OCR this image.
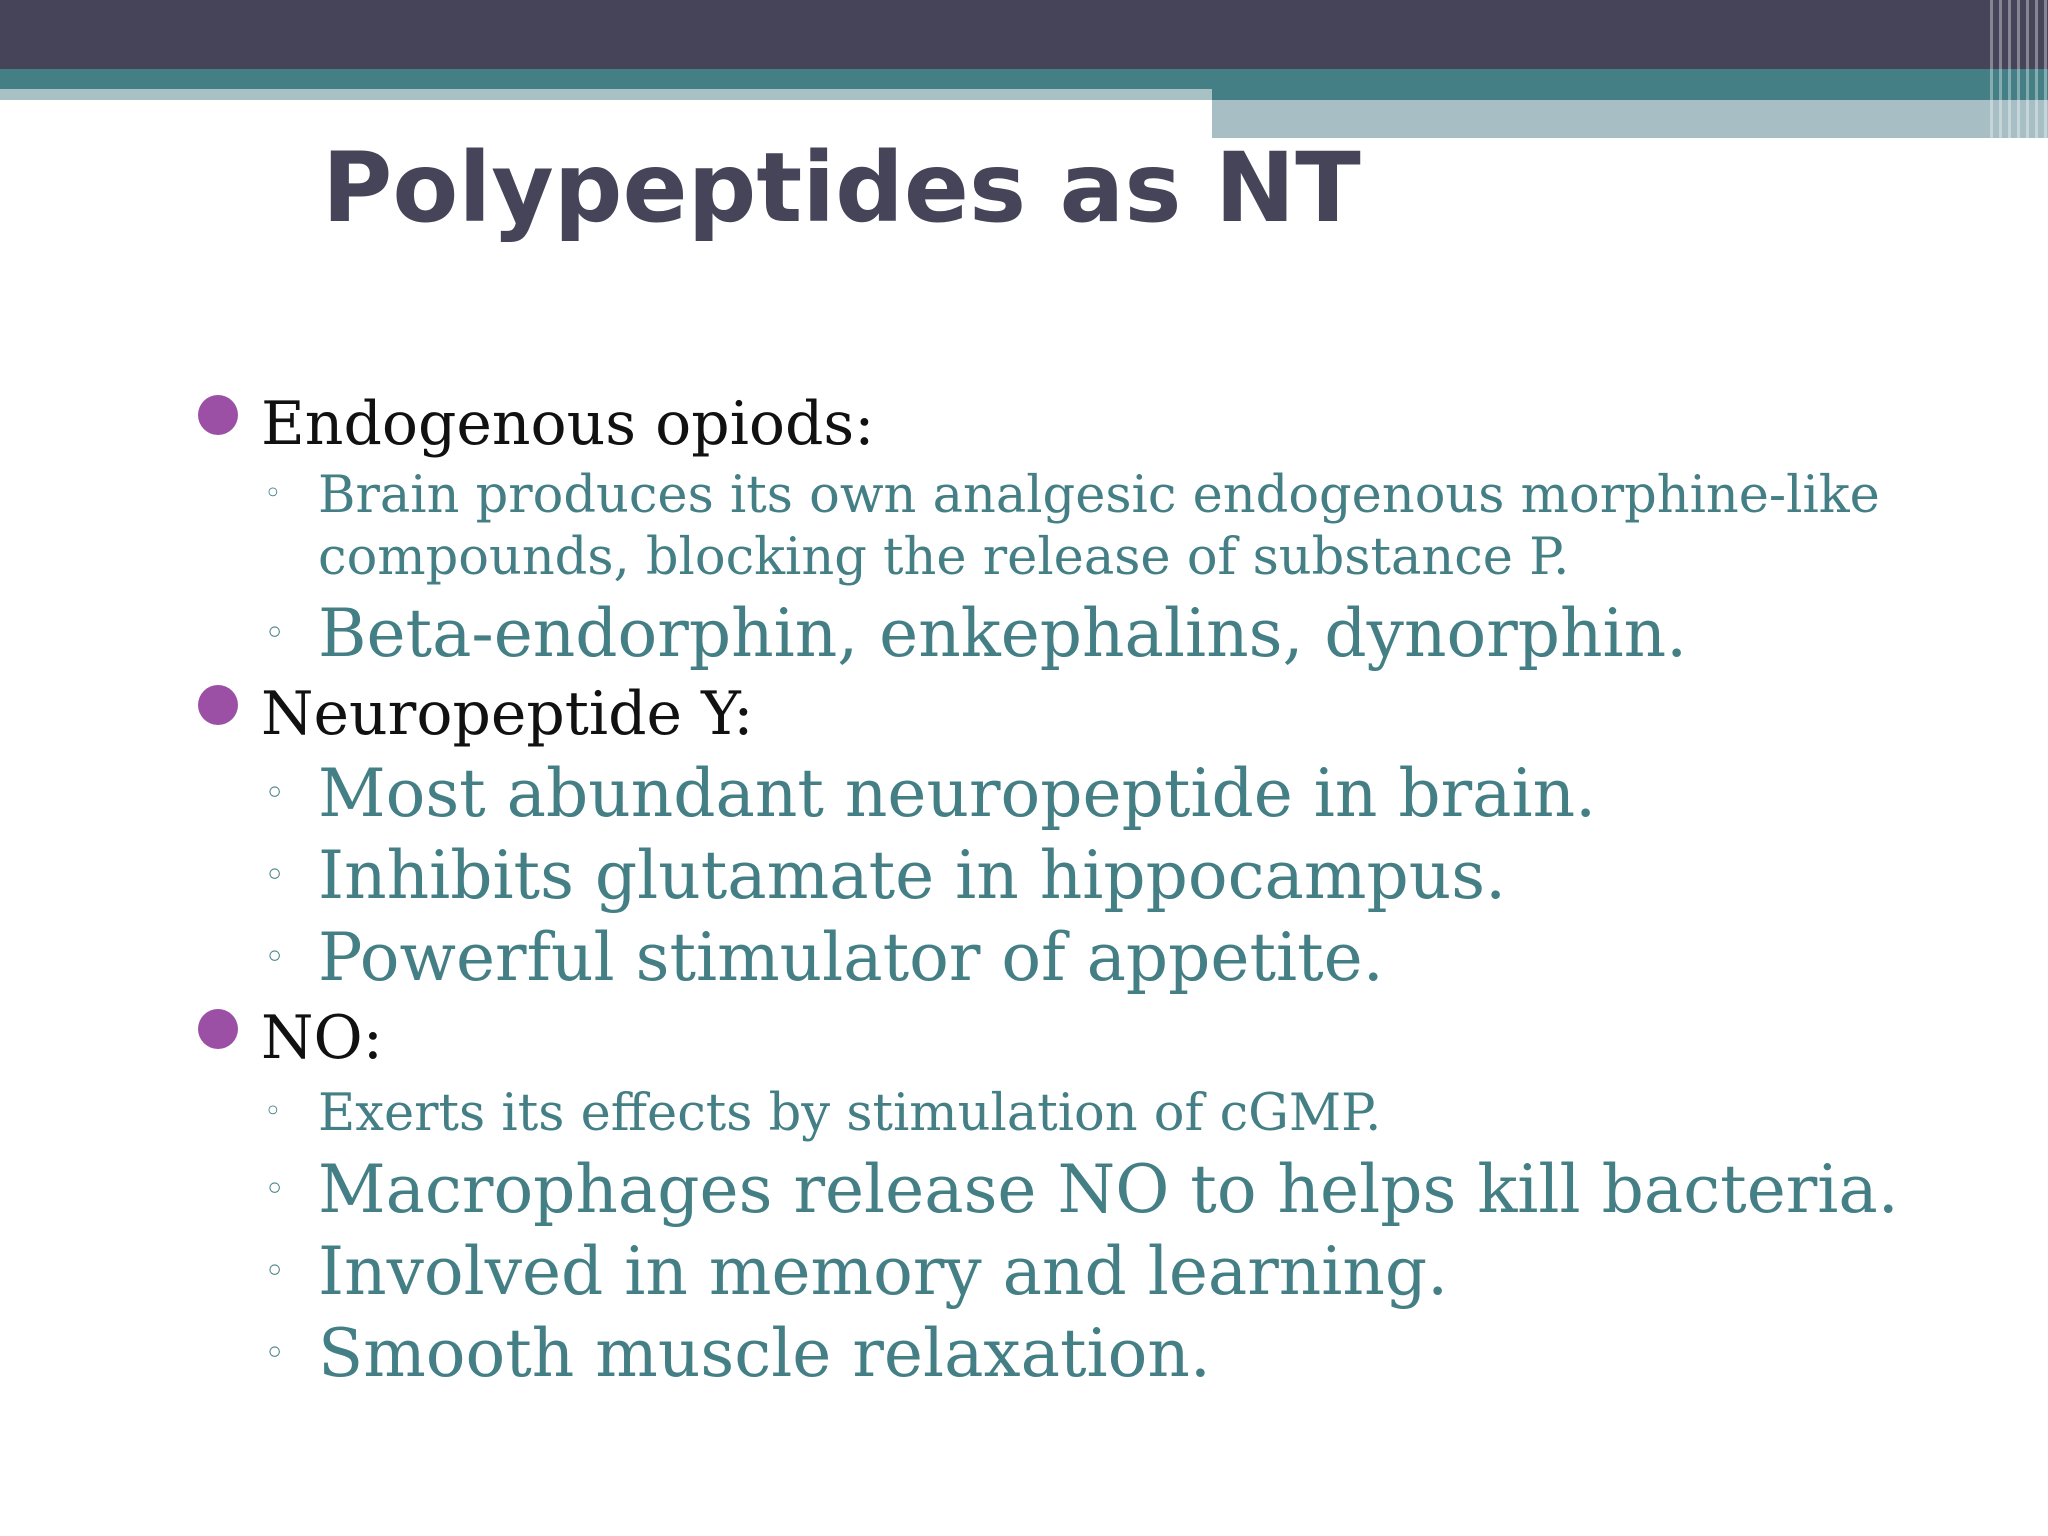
Polypeptides as NT
Endogenous opiods:
◦ Brain produces its own analgesic endogenous morphine-like compounds, blocking the release of substance P.
◦ Beta-endorphin, enkephalins, dynorphin.
Neuropeptide Y:
◦ Most abundant neuropeptide in brain.
◦ Inhibits glutamate in hippocampus.
◦ Powerful stimulator of appetite.
NO:
◦ Exerts its effects by stimulation of cGMP.
◦ Macrophages release NO to helps kill bacteria.
◦ Involved in memory and learning.
◦ Smooth muscle relaxation.
